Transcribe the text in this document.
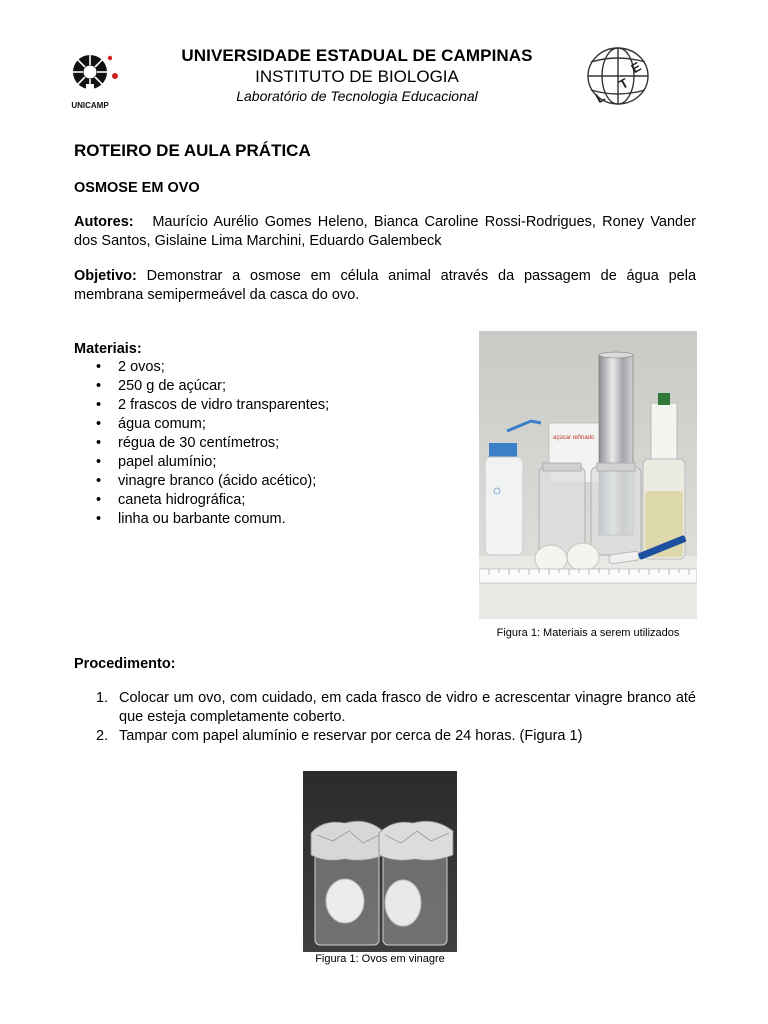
UNICAMP
UNIVERSIDADE ESTADUAL DE CAMPINAS
INSTITUTO DE BIOLOGIA
Laboratório de Tecnologia Educacional	L
T
E
ROTEIRO DE AULA PRÁTICA
OSMOSE EM OVO
Autores: Maurício Aurélio Gomes Heleno, Bianca Caroline Rossi-Rodrigues, Roney Vander dos Santos, Gislaine Lima Marchini, Eduardo Galembeck
Objetivo: Demonstrar a osmose em célula animal através da passagem de água pela membrana semipermeável da casca do ovo.
Materiais:
• 2 ovos;
• 250 g de açúcar;
• 2 frascos de vidro transparentes;
• água comum;
• régua de 30 centímetros;
• papel alumínio;
• vinagre branco (ácido acético);
• caneta hidrográfica;
• linha ou barbante comum.
açúcar refinado
Figura 1: Materiais a serem utilizados
Procedimento:
1. Colocar um ovo, com cuidado, em cada frasco de vidro e acrescentar vinagre branco até que esteja completamente coberto.
2. Tampar com papel alumínio e reservar por cerca de 24 horas. (Figura 1)
Figura 1: Ovos em vinagre
